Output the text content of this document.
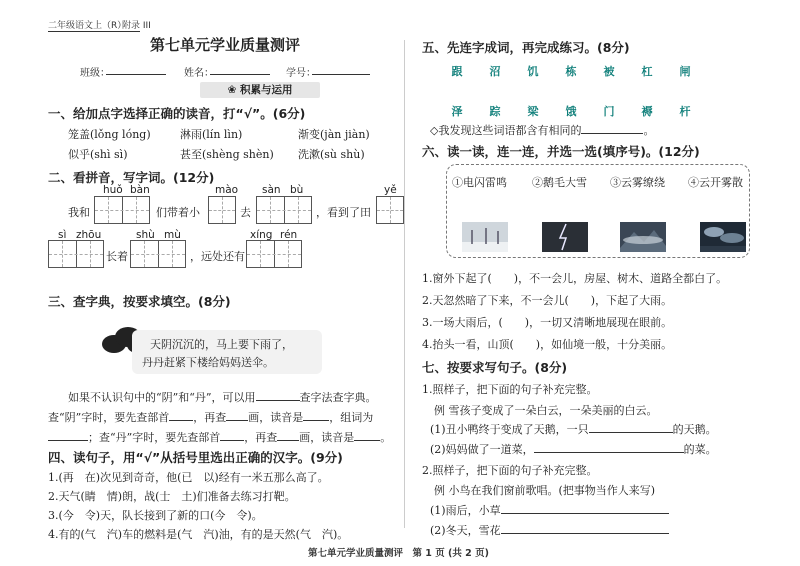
二年级语文上（R）
附录 III
第七单元学业质量测评
班级：	姓名：	学号：
❀ 积累与运用
一、给加点字选择正确的读音，打“√”。(6分)
笼盖(lǒng lóng)	淋雨(lín lìn)	渐变(jàn jiàn)
似乎(shì sì)	甚至(shèng shèn) 洗漱(sù shù)
二、看拼音，写字词。(12分)
huǒ bàn	mào sàn bù	yě
我和	们带着小	去	，看到了田
sì zhōu	shù mù	xíng rén
长着	，远处还有
三、查字典，按要求填空。(8分)
天阴沉沉的，马上要下雨了，
丹丹赶紧下楼给妈妈送伞。
如果不认识句中的“阴”和“丹”，可以用	查字法查字典。
查“阴”字时，要先查部首 ，再查 画，读音是 ，组词为
；查“丹”字时，要先查部首 ，再查 画，读音是 。
四、读句子，用“√”从括号里选出正确的汉字。(9分)
1.(再　在)次见到奇奇，他(已　以)经有一米五那么高了。
2.天气(睛　情)朗，战(士　土)们准备去练习打靶。
3.(今　令)天，队长接到了新的口(今　令)。
4.有的(气　汽)车的燃料是(气　汽)油，有的是天然(气　汽)。
五、先连字成词，再完成练习。(8分)
跟 沼 饥 栋 被 杠 闸
泽 踪 梁 饿 门 褥 杆
◇我发现这些词语都含有相同的	。
六、读一读，连一连，并选一选(填序号)。(12分)
①电闪雷鸣 ②鹅毛大雪 ③云雾缭绕 ④云开雾散
1.窗外下起了(　　)，不一会儿，房屋、树木、道路全都白了。
2.天忽然暗了下来，不一会儿(　　)，下起了大雨。
3.一场大雨后，(　　)，一切又清晰地展现在眼前。
4.抬头一看，山顶(　　)，如仙境一般，十分美丽。
七、按要求写句子。(8分)
1.照样子，把下面的句子补充完整。
例 雪孩子变成了一朵白云，一朵美丽的白云。
(1)丑小鸭终于变成了天鹅，一只	的天鹅。
(2)妈妈做了一道菜，	的菜。
2.照样子，把下面的句子补充完整。
例 小鸟在我们窗前歌唱。(把事物当作人来写)
(1)雨后，小草
(2)冬天，雪花
第七单元学业质量测评　第 1 页 (共 2 页)
